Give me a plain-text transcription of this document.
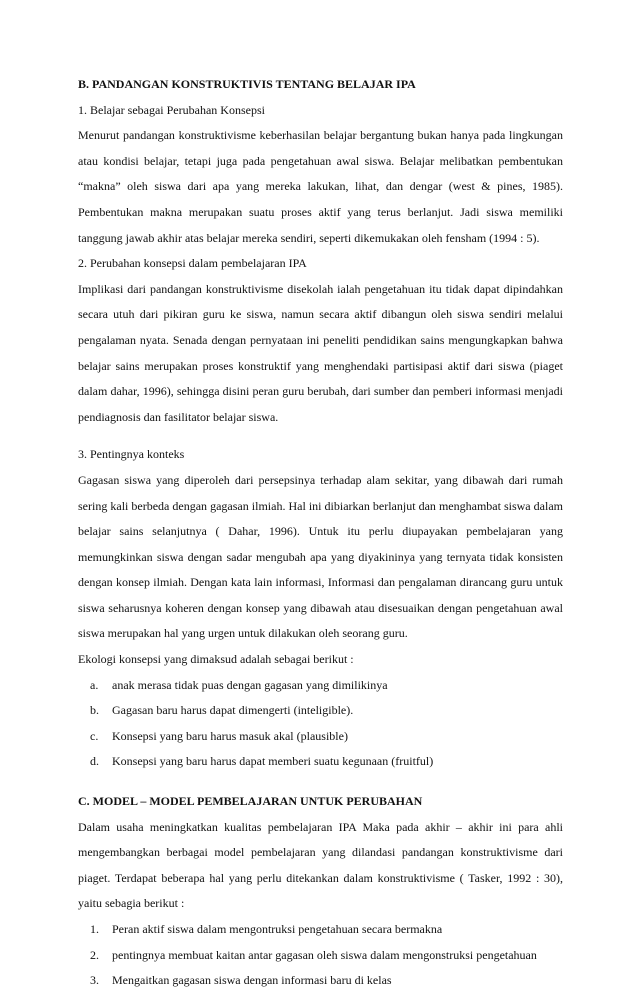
B. PANDANGAN KONSTRUKTIVIS TENTANG BELAJAR IPA

1. Belajar sebagai Perubahan Konsepsi

Menurut pandangan konstruktivisme keberhasilan belajar bergantung bukan hanya pada lingkungan atau kondisi belajar, tetapi juga pada pengetahuan awal siswa. Belajar melibatkan pembentukan “makna” oleh siswa dari apa yang mereka lakukan, lihat, dan dengar (west & pines, 1985). Pembentukan makna merupakan suatu proses aktif yang terus berlanjut. Jadi siswa memiliki tanggung jawab akhir atas belajar mereka sendiri, seperti dikemukakan oleh fensham (1994 : 5).

2. Perubahan konsepsi dalam pembelajaran IPA

Implikasi dari pandangan konstruktivisme disekolah ialah pengetahuan itu tidak dapat dipindahkan secara utuh dari pikiran guru ke siswa, namun secara aktif dibangun oleh siswa sendiri melalui pengalaman nyata. Senada dengan pernyataan ini peneliti pendidikan sains mengungkapkan bahwa belajar sains merupakan proses konstruktif yang menghendaki partisipasi aktif dari siswa (piaget dalam dahar, 1996), sehingga disini peran guru berubah, dari sumber dan pemberi informasi menjadi pendiagnosis dan fasilitator belajar siswa.

3. Pentingnya konteks

Gagasan siswa yang diperoleh dari persepsinya terhadap alam sekitar, yang dibawah dari rumah sering kali berbeda dengan gagasan ilmiah. Hal ini dibiarkan berlanjut dan menghambat siswa dalam belajar sains selanjutnya ( Dahar, 1996). Untuk itu perlu diupayakan pembelajaran yang memungkinkan siswa dengan sadar mengubah apa yang diyakininya yang ternyata tidak konsisten dengan konsep ilmiah. Dengan kata lain informasi, Informasi dan pengalaman dirancang guru untuk siswa seharusnya koheren dengan konsep yang dibawah atau disesuaikan dengan pengetahuan awal siswa merupakan hal yang urgen untuk dilakukan oleh seorang guru.

Ekologi konsepsi yang dimaksud adalah sebagai berikut :

a. anak merasa tidak puas dengan gagasan yang dimilikinya
b. Gagasan baru harus dapat dimengerti (inteligible).
c. Konsepsi yang baru harus masuk akal (plausible)
d. Konsepsi yang baru harus dapat memberi suatu kegunaan (fruitful)

C. MODEL – MODEL PEMBELAJARAN UNTUK PERUBAHAN

Dalam usaha meningkatkan kualitas pembelajaran IPA Maka pada akhir – akhir ini para ahli mengembangkan berbagai model pembelajaran yang dilandasi pandangan konstruktivisme dari piaget. Terdapat beberapa hal yang perlu ditekankan dalam konstruktivisme ( Tasker, 1992 : 30), yaitu sebagia berikut :

1. Peran aktif siswa dalam mengontruksi pengetahuan secara bermakna
2. pentingnya membuat kaitan antar gagasan oleh siswa dalam mengonstruksi pengetahuan
3. Mengaitkan gagasan siswa dengan informasi baru di kelas
